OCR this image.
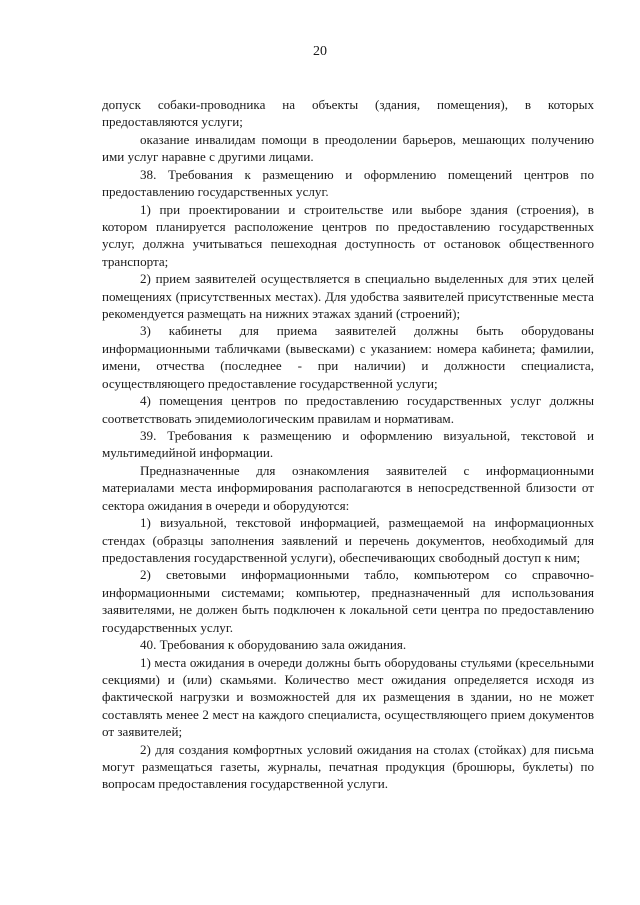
20

допуск собаки-проводника на объекты (здания, помещения), в которых предоставляются услуги;

оказание инвалидам помощи в преодолении барьеров, мешающих получению ими услуг наравне с другими лицами.

38. Требования к размещению и оформлению помещений центров по предоставлению государственных услуг.

1) при проектировании и строительстве или выборе здания (строения), в котором планируется расположение центров по предоставлению государственных услуг, должна учитываться пешеходная доступность от остановок общественного транспорта;

2) прием заявителей осуществляется в специально выделенных для этих целей помещениях (присутственных местах). Для удобства заявителей присутственные места рекомендуется размещать на нижних этажах зданий (строений);

3) кабинеты для приема заявителей должны быть оборудованы информационными табличками (вывесками) с указанием: номера кабинета; фамилии, имени, отчества (последнее - при наличии) и должности специалиста, осуществляющего предоставление государственной услуги;

4) помещения центров по предоставлению государственных услуг должны соответствовать эпидемиологическим правилам и нормативам.

39. Требования к размещению и оформлению визуальной, текстовой и мультимедийной информации.

Предназначенные для ознакомления заявителей с информационными материалами места информирования располагаются в непосредственной близости от сектора ожидания в очереди и оборудуются:

1) визуальной, текстовой информацией, размещаемой на информационных стендах (образцы заполнения заявлений и перечень документов, необходимый для предоставления государственной услуги), обеспечивающих свободный доступ к ним;

2) световыми информационными табло, компьютером со справочно-информационными системами; компьютер, предназначенный для использования заявителями, не должен быть подключен к локальной сети центра по предоставлению государственных услуг.

40. Требования к оборудованию зала ожидания.

1) места ожидания в очереди должны быть оборудованы стульями (кресельными секциями) и (или) скамьями. Количество мест ожидания определяется исходя из фактической нагрузки и возможностей для их размещения в здании, но не может составлять менее 2 мест на каждого специалиста, осуществляющего прием документов от заявителей;

2) для создания комфортных условий ожидания на столах (стойках) для письма могут размещаться газеты, журналы, печатная продукция (брошюры, буклеты) по вопросам предоставления государственной услуги.
